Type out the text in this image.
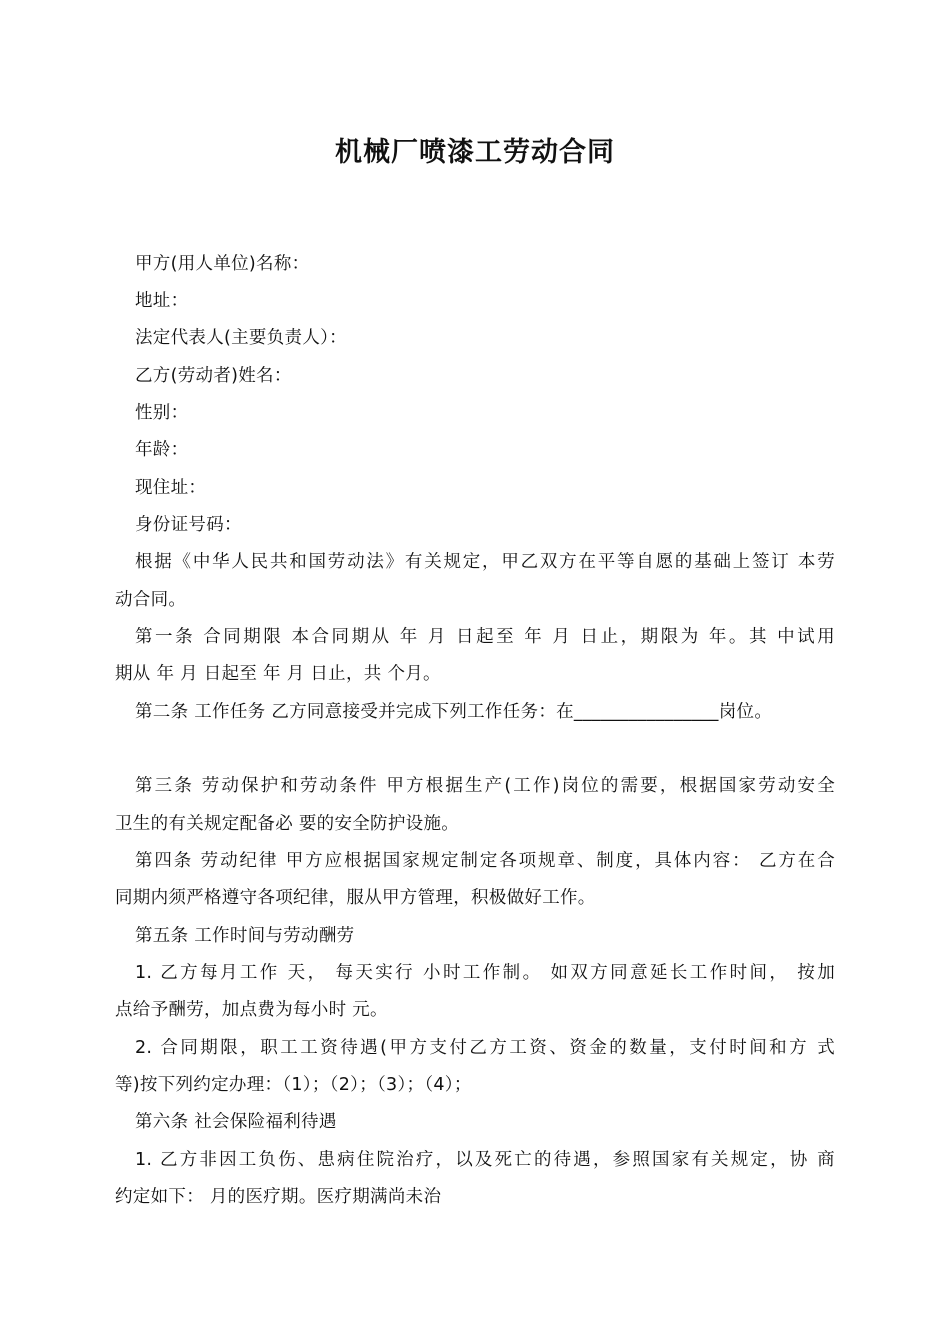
机械厂喷漆工劳动合同
甲方(用人单位)名称：
地址：
法定代表人(主要负责人）：
乙方(劳动者)姓名：
性别：
年龄：
现住址：
身份证号码：
根据《中华人民共和国劳动法》有关规定，甲乙双方在平等自愿的基础上签订 本劳
动合同。
第一条 合同期限 本合同期从 年 月 日起至 年 月 日止，期限为 年。其 中试用
期从 年 月 日起至 年 月 日止，共 个月。
第二条 工作任务 乙方同意接受并完成下列工作任务：在________________岗位。
第三条 劳动保护和劳动条件 甲方根据生产(工作)岗位的需要，根据国家劳动安全
卫生的有关规定配备必 要的安全防护设施。
第四条 劳动纪律 甲方应根据国家规定制定各项规章、制度，具体内容： 乙方在合
同期内须严格遵守各项纪律，服从甲方管理，积极做好工作。
第五条 工作时间与劳动酬劳
1. 乙方每月工作 天， 每天实行 小时工作制。 如双方同意延长工作时间， 按加
点给予酬劳，加点费为每小时 元。
2. 合同期限，职工工资待遇(甲方支付乙方工资、资金的数量，支付时间和方 式
等)按下列约定办理：（1）；（2）；（3）；（4）；
第六条 社会保险福利待遇
1. 乙方非因工负伤、患病住院治疗，以及死亡的待遇，参照国家有关规定，协 商
约定如下： 月的医疗期。医疗期满尚未治
